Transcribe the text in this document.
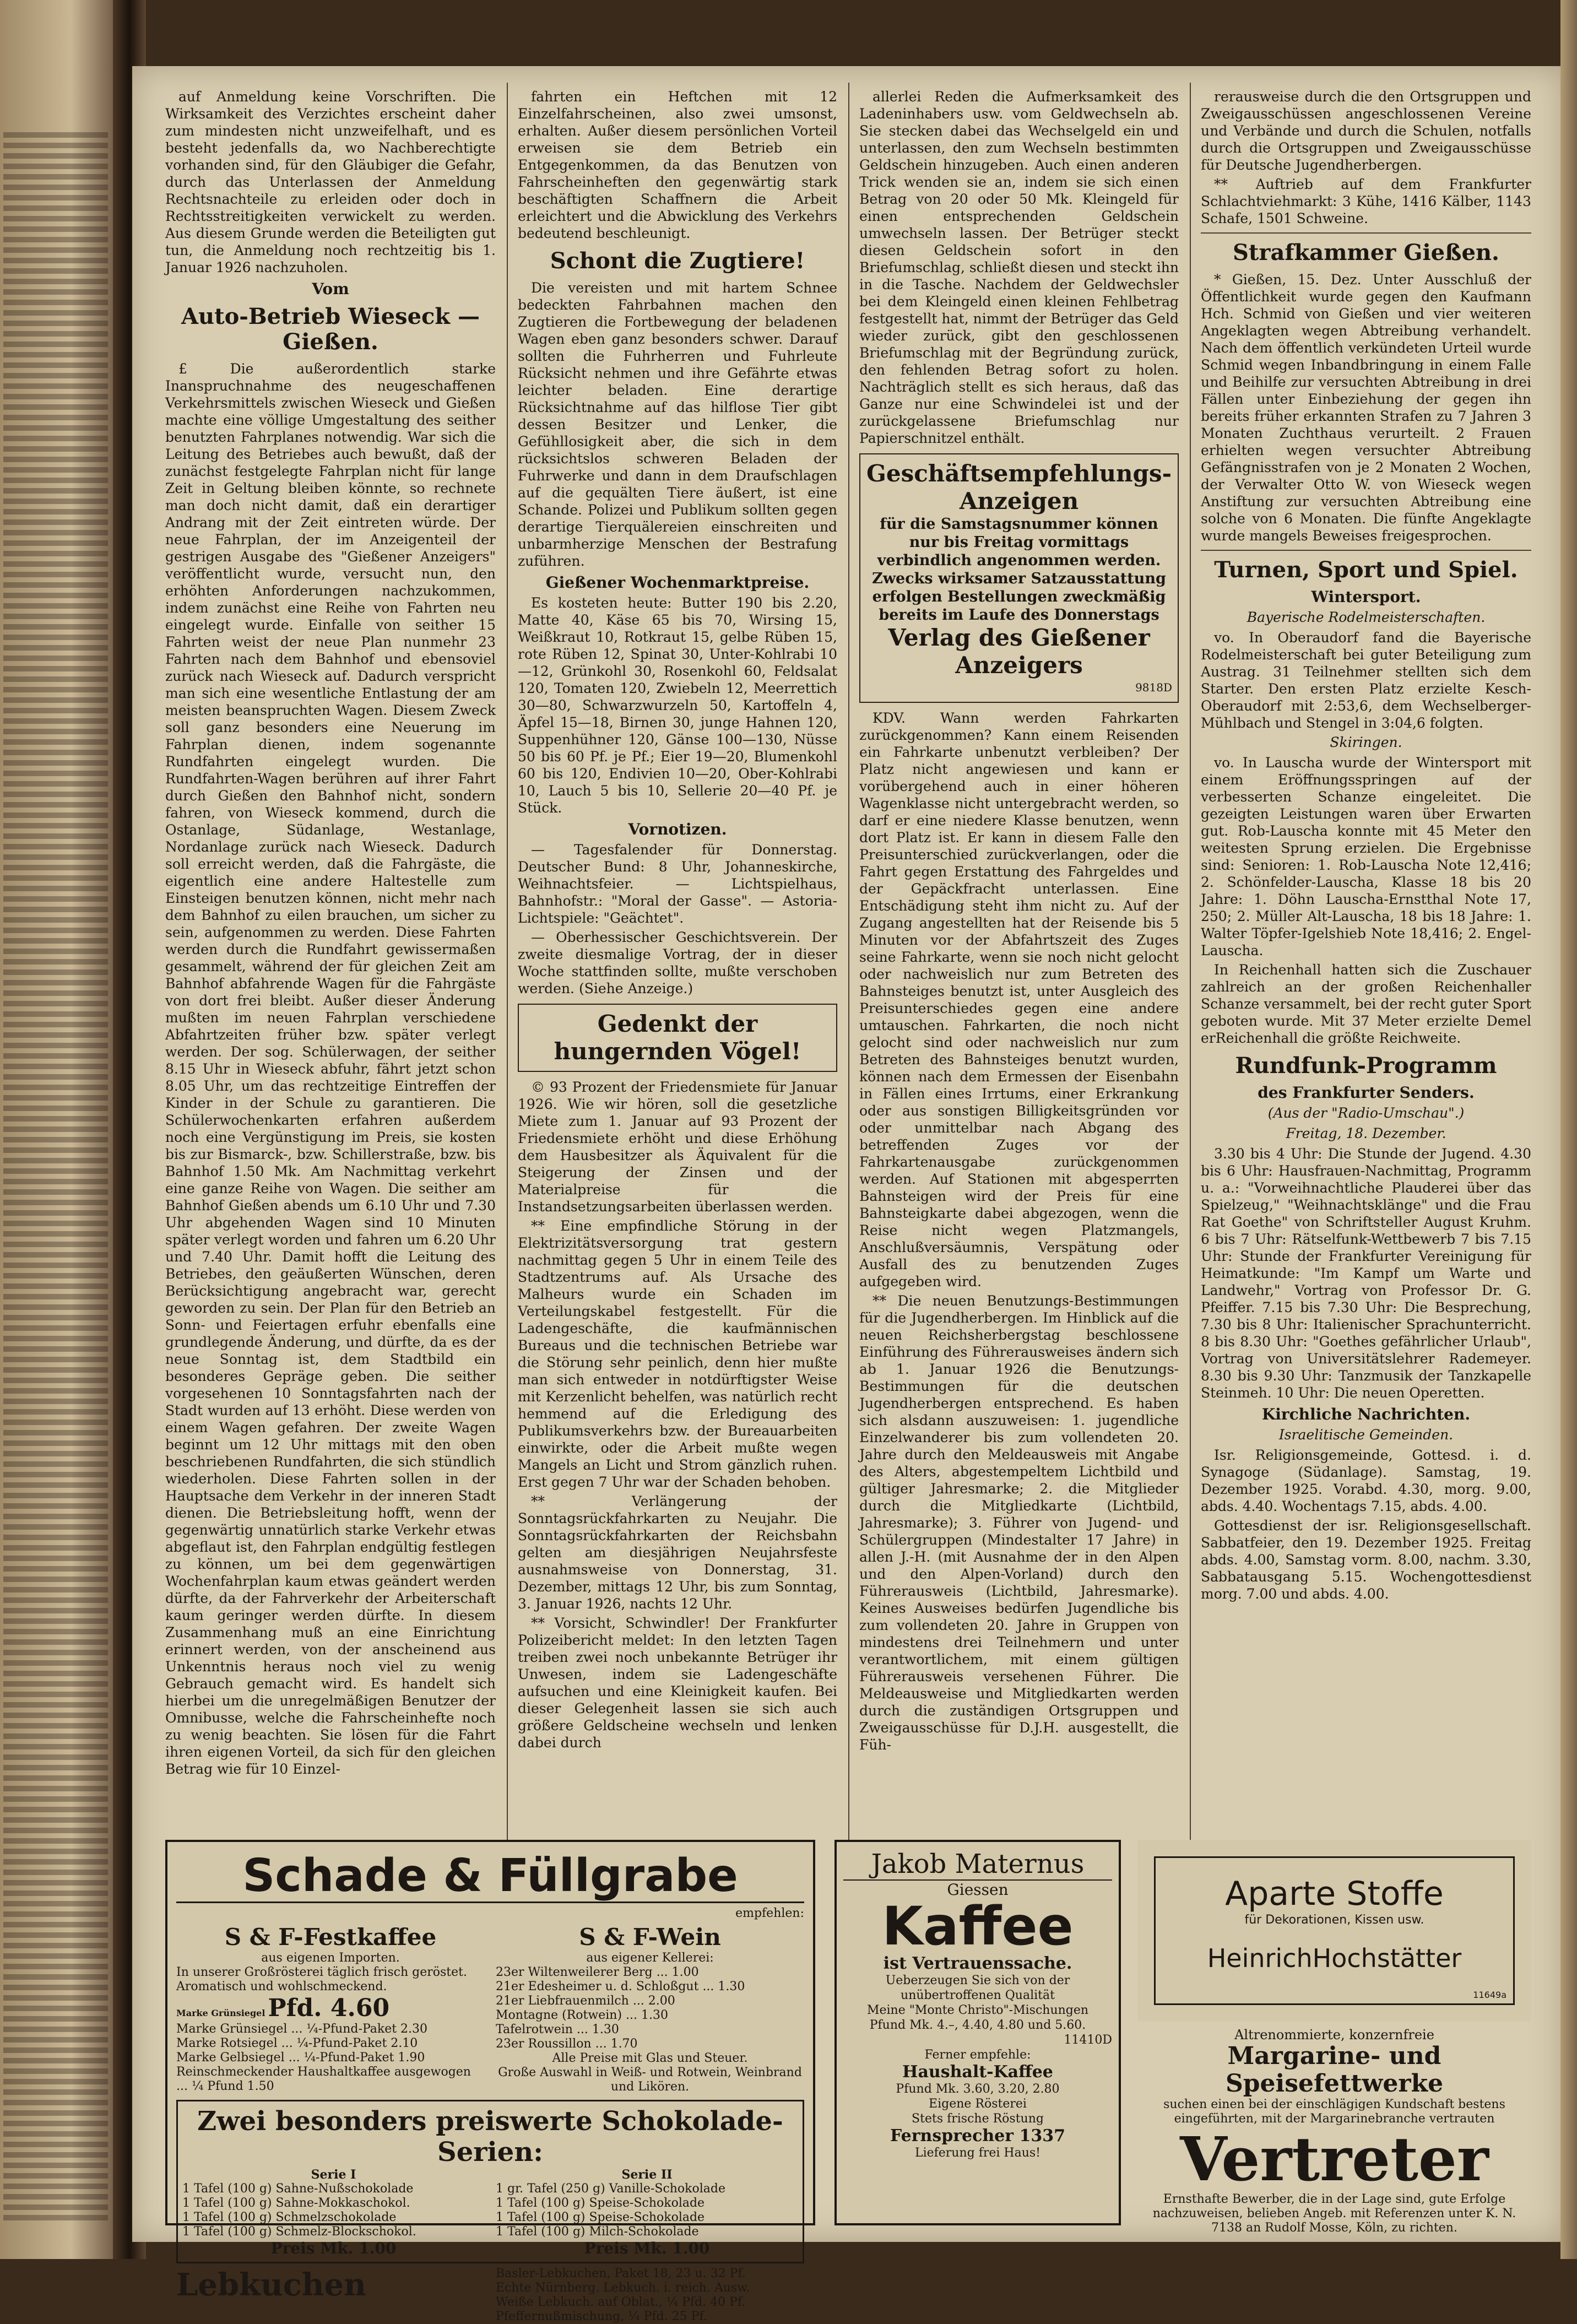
auf Anmeldung keine Vorschriften. Die Wirksamkeit des Verzichtes erscheint daher zum mindesten nicht unzweifelhaft, und es besteht jedenfalls da, wo Nachberechtigte vorhanden sind, für den Gläubiger die Gefahr, durch das Unterlassen der Anmeldung Rechtsnachteile zu erleiden oder doch in Rechtsstreitigkeiten verwickelt zu werden. Aus diesem Grunde werden die Beteiligten gut tun, die Anmeldung noch rechtzeitig bis 1. Januar 1926 nachzuholen.

Vom
Auto-Betrieb Wieseck — Gießen.

£ Die außerordentlich starke Inanspruchnahme des neugeschaffenen Verkehrsmittels zwischen Wieseck und Gießen machte eine völlige Umgestaltung des seither benutzten Fahrplanes notwendig. War sich die Leitung des Betriebes auch bewußt, daß der zunächst festgelegte Fahrplan nicht für lange Zeit in Geltung bleiben könnte, so rechnete man doch nicht damit, daß ein derartiger Andrang mit der Zeit eintreten würde. Der neue Fahrplan, der im Anzeigenteil der gestrigen Ausgabe des "Gießener Anzeigers" veröffentlicht wurde, versucht nun, den erhöhten Anforderungen nachzukommen, indem zunächst eine Reihe von Fahrten neu eingelegt wurde. Einfalle von seither 15 Fahrten weist der neue Plan nunmehr 23 Fahrten nach dem Bahnhof und ebensoviel zurück nach Wieseck auf. Dadurch verspricht man sich eine wesentliche Entlastung der am meisten beanspruchten Wagen. Diesem Zweck soll ganz besonders eine Neuerung im Fahrplan dienen, indem sogenannte Rundfahrten eingelegt wurden. Die Rundfahrten-Wagen berühren auf ihrer Fahrt durch Gießen den Bahnhof nicht, sondern fahren, von Wieseck kommend, durch die Ostanlage, Südanlage, Westanlage, Nordanlage zurück nach Wieseck. Dadurch soll erreicht werden, daß die Fahrgäste, die eigentlich eine andere Haltestelle zum Einsteigen benutzen können, nicht mehr nach dem Bahnhof zu eilen brauchen, um sicher zu sein, aufgenommen zu werden. Diese Fahrten werden durch die Rundfahrt gewissermaßen gesammelt, während der für gleichen Zeit am Bahnhof abfahrende Wagen für die Fahrgäste von dort frei bleibt. Außer dieser Änderung mußten im neuen Fahrplan verschiedene Abfahrtzeiten früher bzw. später verlegt werden. Der sog. Schülerwagen, der seither 8.15 Uhr in Wieseck abfuhr, fährt jetzt schon 8.05 Uhr, um das rechtzeitige Eintreffen der Kinder in der Schule zu garantieren. Die Schülerwochenkarten erfahren außerdem noch eine Vergünstigung im Preis, sie kosten bis zur Bismarck-, bzw. Schillerstraße, bzw. bis Bahnhof 1.50 Mk. Am Nachmittag verkehrt eine ganze Reihe von Wagen. Die seither am Bahnhof Gießen abends um 6.10 Uhr und 7.30 Uhr abgehenden Wagen sind 10 Minuten später verlegt worden und fahren um 6.20 Uhr und 7.40 Uhr. Damit hofft die Leitung des Betriebes, den geäußerten Wünschen, deren Berücksichtigung angebracht war, gerecht geworden zu sein. Der Plan für den Betrieb an Sonn- und Feiertagen erfuhr ebenfalls eine grundlegende Änderung, und dürfte, da es der neue Sonntag ist, dem Stadtbild ein besonderes Gepräge geben. Die seither vorgesehenen 10 Sonntagsfahrten nach der Stadt wurden auf 13 erhöht. Diese werden von einem Wagen gefahren. Der zweite Wagen beginnt um 12 Uhr mittags mit den oben beschriebenen Rundfahrten, die sich stündlich wiederholen. Diese Fahrten sollen in der Hauptsache dem Verkehr in der inneren Stadt dienen. Die Betriebsleitung hofft, wenn der gegenwärtig unnatürlich starke Verkehr etwas abgeflaut ist, den Fahrplan endgültig festlegen zu können, um bei dem gegenwärtigen Wochenfahrplan kaum etwas geändert werden dürfte, da der Fahrverkehr der Arbeiterschaft kaum geringer werden dürfte. In diesem Zusammenhang muß an eine Einrichtung erinnert werden, von der anscheinend aus Unkenntnis heraus noch viel zu wenig Gebrauch gemacht wird. Es handelt sich hierbei um die unregelmäßigen Benutzer der Omnibusse, welche die Fahrscheinhefte noch zu wenig beachten. Sie lösen für die Fahrt ihren eigenen Vorteil, da sich für den gleichen Betrag wie für 10 Einzel-

fahrten ein Heftchen mit 12 Einzelfahrscheinen, also zwei umsonst, erhalten. Außer diesem persönlichen Vorteil erweisen sie dem Betrieb ein Entgegenkommen, da das Benutzen von Fahrscheinheften den gegenwärtig stark beschäftigten Schaffnern die Arbeit erleichtert und die Abwicklung des Verkehrs bedeutend beschleunigt.

Schont die Zugtiere!

Die vereisten und mit hartem Schnee bedeckten Fahrbahnen machen den Zugtieren die Fortbewegung der beladenen Wagen eben ganz besonders schwer. Darauf sollten die Fuhrherren und Fuhrleute Rücksicht nehmen und ihre Gefährte etwas leichter beladen. Eine derartige Rücksichtnahme auf das hilflose Tier gibt dessen Besitzer und Lenker, die Gefühllosigkeit aber, die sich in dem rücksichtslos schweren Beladen der Fuhrwerke und dann in dem Draufschlagen auf die gequälten Tiere äußert, ist eine Schande. Polizei und Publikum sollten gegen derartige Tierquälereien einschreiten und unbarmherzige Menschen der Bestrafung zuführen.

Gießener Wochenmarktpreise.

Es kosteten heute: Butter 190 bis 2.20, Matte 40, Käse 65 bis 70, Wirsing 15, Weißkraut 10, Rotkraut 15, gelbe Rüben 15, rote Rüben 12, Spinat 30, Unter-Kohlrabi 10—12, Grünkohl 30, Rosenkohl 60, Feldsalat 120, Tomaten 120, Zwiebeln 12, Meerrettich 30—80, Schwarzwurzeln 50, Kartoffeln 4, Äpfel 15—18, Birnen 30, junge Hahnen 120, Suppenhühner 120, Gänse 100—130, Nüsse 50 bis 60 Pf. je Pf.; Eier 19—20, Blumenkohl 60 bis 120, Endivien 10—20, Ober-Kohlrabi 10, Lauch 5 bis 10, Sellerie 20—40 Pf. je Stück.

Vornotizen.

— Tagesfalender für Donnerstag. Deutscher Bund: 8 Uhr, Johanneskirche, Weihnachtsfeier. — Lichtspielhaus, Bahnhofstr.: "Moral der Gasse". — Astoria-Lichtspiele: "Geächtet".

— Oberhessischer Geschichtsverein. Der zweite diesmalige Vortrag, der in dieser Woche stattfinden sollte, mußte verschoben werden. (Siehe Anzeige.)

Gedenkt der hungernden Vögel!

© 93 Prozent der Friedensmiete für Januar 1926. Wie wir hören, soll die gesetzliche Miete zum 1. Januar auf 93 Prozent der Friedensmiete erhöht und diese Erhöhung dem Hausbesitzer als Äquivalent für die Steigerung der Zinsen und der Materialpreise für die Instandsetzungsarbeiten überlassen werden.

** Eine empfindliche Störung in der Elektrizitätsversorgung trat gestern nachmittag gegen 5 Uhr in einem Teile des Stadtzentrums auf. Als Ursache des Malheurs wurde ein Schaden im Verteilungskabel festgestellt. Für die Ladengeschäfte, die kaufmännischen Bureaus und die technischen Betriebe war die Störung sehr peinlich, denn hier mußte man sich entweder in notdürftigster Weise mit Kerzenlicht behelfen, was natürlich recht hemmend auf die Erledigung des Publikumsverkehrs bzw. der Bureauarbeiten einwirkte, oder die Arbeit mußte wegen Mangels an Licht und Strom gänzlich ruhen. Erst gegen 7 Uhr war der Schaden behoben.

** Verlängerung der Sonntagsrückfahrkarten zu Neujahr. Die Sonntagsrückfahrkarten der Reichsbahn gelten am diesjährigen Neujahrsfeste ausnahmsweise von Donnerstag, 31. Dezember, mittags 12 Uhr, bis zum Sonntag, 3. Januar 1926, nachts 12 Uhr.

** Vorsicht, Schwindler! Der Frankfurter Polizeibericht meldet: In den letzten Tagen treiben zwei noch unbekannte Betrüger ihr Unwesen, indem sie Ladengeschäfte aufsuchen und eine Kleinigkeit kaufen. Bei dieser Gelegenheit lassen sie sich auch größere Geldscheine wechseln und lenken dabei durch

allerlei Reden die Aufmerksamkeit des Ladeninhabers usw. vom Geldwechseln ab. Sie stecken dabei das Wechselgeld ein und unterlassen, den zum Wechseln bestimmten Geldschein hinzugeben. Auch einen anderen Trick wenden sie an, indem sie sich einen Betrag von 20 oder 50 Mk. Kleingeld für einen entsprechenden Geldschein umwechseln lassen. Der Betrüger steckt diesen Geldschein sofort in den Briefumschlag, schließt diesen und steckt ihn in die Tasche. Nachdem der Geldwechsler bei dem Kleingeld einen kleinen Fehlbetrag festgestellt hat, nimmt der Betrüger das Geld wieder zurück, gibt den geschlossenen Briefumschlag mit der Begründung zurück, den fehlenden Betrag sofort zu holen. Nachträglich stellt es sich heraus, daß das Ganze nur eine Schwindelei ist und der zurückgelassene Briefumschlag nur Papierschnitzel enthält.

Geschäftsempfehlungs-Anzeigen
für die Samstagsnummer können nur bis Freitag vormittags verbindlich angenommen werden. Zwecks wirksamer Satzausstattung erfolgen Bestellungen zweckmäßig bereits im Laufe des Donnerstags
Verlag des Gießener Anzeigers
9818D

KDV. Wann werden Fahrkarten zurückgenommen? Kann einem Reisenden ein Fahrkarte unbenutzt verbleiben? Der Platz nicht angewiesen und kann er vorübergehend auch in einer höheren Wagenklasse nicht untergebracht werden, so darf er eine niedere Klasse benutzen, wenn dort Platz ist. Er kann in diesem Falle den Preisunterschied zurückverlangen, oder die Fahrt gegen Erstattung des Fahrgeldes und der Gepäckfracht unterlassen. Eine Entschädigung steht ihm nicht zu. Auf der Zugang angestellten hat der Reisende bis 5 Minuten vor der Abfahrtszeit des Zuges seine Fahrkarte, wenn sie noch nicht gelocht oder nachweislich nur zum Betreten des Bahnsteiges benutzt ist, unter Ausgleich des Preisunterschiedes gegen eine andere umtauschen. Fahrkarten, die noch nicht gelocht sind oder nachweislich nur zum Betreten des Bahnsteiges benutzt wurden, können nach dem Ermessen der Eisenbahn in Fällen eines Irrtums, einer Erkrankung oder aus sonstigen Billigkeitsgründen vor oder unmittelbar nach Abgang des betreffenden Zuges vor der Fahrkartenausgabe zurückgenommen werden. Auf Stationen mit abgesperrten Bahnsteigen wird der Preis für eine Bahnsteigkarte dabei abgezogen, wenn die Reise nicht wegen Platzmangels, Anschlußversäumnis, Verspätung oder Ausfall des zu benutzenden Zuges aufgegeben wird.

** Die neuen Benutzungs-Bestimmungen für die Jugendherbergen. Im Hinblick auf die neuen Reichsherbergstag beschlossene Einführung des Führerausweises ändern sich ab 1. Januar 1926 die Benutzungs-Bestimmungen für die deutschen Jugendherbergen entsprechend. Es haben sich alsdann auszuweisen: 1. jugendliche Einzelwanderer bis zum vollendeten 20. Jahre durch den Meldeausweis mit Angabe des Alters, abgestempeltem Lichtbild und gültiger Jahresmarke; 2. die Mitglieder durch die Mitgliedkarte (Lichtbild, Jahresmarke); 3. Führer von Jugend- und Schülergruppen (Mindestalter 17 Jahre) in allen J.-H. (mit Ausnahme der in den Alpen und den Alpen-Vorland) durch den Führerausweis (Lichtbild, Jahresmarke). Keines Ausweises bedürfen Jugendliche bis zum vollendeten 20. Jahre in Gruppen von mindestens drei Teilnehmern und unter verantwortlichem, mit einem gültigen Führerausweis versehenen Führer. Die Meldeausweise und Mitgliedkarten werden durch die zuständigen Ortsgruppen und Zweigausschüsse für D.J.H. ausgestellt, die Füh-

rerausweise durch die den Ortsgruppen und Zweigausschüssen angeschlossenen Vereine und Verbände und durch die Schulen, notfalls durch die Ortsgruppen und Zweigausschüsse für Deutsche Jugendherbergen.

** Auftrieb auf dem Frankfurter Schlachtviehmarkt: 3 Kühe, 1416 Kälber, 1143 Schafe, 1501 Schweine.

Strafkammer Gießen.

* Gießen, 15. Dez. Unter Ausschluß der Öffentlichkeit wurde gegen den Kaufmann Hch. Schmid von Gießen und vier weiteren Angeklagten wegen Abtreibung verhandelt. Nach dem öffentlich verkündeten Urteil wurde Schmid wegen Inbandbringung in einem Falle und Beihilfe zur versuchten Abtreibung in drei Fällen unter Einbeziehung der gegen ihn bereits früher erkannten Strafen zu 7 Jahren 3 Monaten Zuchthaus verurteilt. 2 Frauen erhielten wegen versuchter Abtreibung Gefängnisstrafen von je 2 Monaten 2 Wochen, der Verwalter Otto W. von Wieseck wegen Anstiftung zur versuchten Abtreibung eine solche von 6 Monaten. Die fünfte Angeklagte wurde mangels Beweises freigesprochen.

Turnen, Sport und Spiel.
Wintersport.
Bayerische Rodelmeisterschaften.

vo. In Oberaudorf fand die Bayerische Rodelmeisterschaft bei guter Beteiligung zum Austrag. 31 Teilnehmer stellten sich dem Starter. Den ersten Platz erzielte Kesch-Oberaudorf mit 2:53,6, dem Wechselberger-Mühlbach und Stengel in 3:04,6 folgten.

Skiringen.

vo. In Lauscha wurde der Wintersport mit einem Eröffnungsspringen auf der verbesserten Schanze eingeleitet. Die gezeigten Leistungen waren über Erwarten gut. Rob-Lauscha konnte mit 45 Meter den weitesten Sprung erzielen. Die Ergebnisse sind: Senioren: 1. Rob-Lauscha Note 12,416; 2. Schönfelder-Lauscha, Klasse 18 bis 20 Jahre: 1. Döhn Lauscha-Ernstthal Note 17, 250; 2. Müller Alt-Lauscha, 18 bis 18 Jahre: 1. Walter Töpfer-Igelshieb Note 18,416; 2. Engel-Lauscha.

In Reichenhall hatten sich die Zuschauer zahlreich an der großen Reichenhaller Schanze versammelt, bei der recht guter Sport geboten wurde. Mit 37 Meter erzielte Demel erReichenhall die größte Reichweite.

Rundfunk-Programm
des Frankfurter Senders.
(Aus der "Radio-Umschau".)
Freitag, 18. Dezember.

3.30 bis 4 Uhr: Die Stunde der Jugend. 4.30 bis 6 Uhr: Hausfrauen-Nachmittag, Programm u. a.: "Vorweihnachtliche Plauderei über das Spielzeug," "Weihnachtsklänge" und die Frau Rat Goethe" von Schriftsteller August Kruhm. 6 bis 7 Uhr: Rätselfunk-Wettbewerb 7 bis 7.15 Uhr: Stunde der Frankfurter Vereinigung für Heimatkunde: "Im Kampf um Warte und Landwehr," Vortrag von Professor Dr. G. Pfeiffer. 7.15 bis 7.30 Uhr: Die Besprechung, 7.30 bis 8 Uhr: Italienischer Sprachunterricht. 8 bis 8.30 Uhr: "Goethes gefährlicher Urlaub", Vortrag von Universitätslehrer Rademeyer. 8.30 bis 9.30 Uhr: Tanzmusik der Tanzkapelle Steinmeh. 10 Uhr: Die neuen Operetten.

Kirchliche Nachrichten.
Israelitische Gemeinden.

Isr. Religionsgemeinde, Gottesd. i. d. Synagoge (Südanlage). Samstag, 19. Dezember 1925. Vorabd. 4.30, morg. 9.00, abds. 4.40. Wochentags 7.15, abds. 4.00.

Gottesdienst der isr. Religionsgesellschaft. Sabbatfeier, den 19. Dezember 1925. Freitag abds. 4.00, Samstag vorm. 8.00, nachm. 3.30, Sabbatausgang 5.15. Wochengottesdienst morg. 7.00 und abds. 4.00.

Schade & Füllgrabe
empfehlen:
S & F-Festkaffee
aus eigenen Importen.
In unserer Großrösterei täglich frisch geröstet. Aromatisch und wohlschmeckend.
Marke Grünsiegel Pfd. 4.60
Marke Grünsiegel ... ¼-Pfund-Paket 2.30
Marke Rotsiegel ... ¼-Pfund-Paket 2.10
Marke Gelbsiegel ... ¼-Pfund-Paket 1.90
Reinschmeckender Haushaltkaffee ausgewogen ... ¼ Pfund 1.50
S & F-Wein
aus eigener Kellerei:
23er Wiltenweilerer Berg ... 1.00
21er Edesheimer u. d. Schloßgut ... 1.30
21er Liebfrauenmilch ... 2.00
Montagne (Rotwein) ... 1.30
Tafelrotwein ... 1.30
23er Roussillon ... 1.70
Alle Preise mit Glas und Steuer.
Große Auswahl in Weiß- und Rotwein, Weinbrand und Likören.
Zwei besonders preiswerte Schokolade-Serien:
Serie I
1 Tafel (100 g) Sahne-Nußschokolade
1 Tafel (100 g) Sahne-Mokkaschokol.
1 Tafel (100 g) Schmelzschokolade
1 Tafel (100 g) Schmelz-Blockschokol.
Preis Mk. 1.00
Serie II
1 gr. Tafel (250 g) Vanille-Schokolade
1 Tafel (100 g) Speise-Schokolade
1 Tafel (100 g) Speise-Schokolade
1 Tafel (100 g) Milch-Schokolade
Preis Mk. 1.00
Lebkuchen	Basler-Lebkuchen, Paket 18, 23 u. 32 Pf.
Echte Nürnberg. Lebkuch. i. reich. Ausw.
Weiße Lebkuch. auf Oblat., ¼ Pfd. 40 Pf.
Pfeffernußmischung, ¼ Pfd. 25 Pf.
Jakob Maternus
Giessen
Kaffee
ist Vertrauenssache.
Ueberzeugen Sie sich von der unübertroffenen Qualität
Meine "Monte Christo"-Mischungen
Pfund Mk. 4.–, 4.40, 4.80 und 5.60.
11410D
Ferner empfehle:
Haushalt-Kaffee
Pfund Mk. 3.60, 3.20, 2.80
Eigene Rösterei
Stets frische Röstung
Fernsprecher 1337
Lieferung frei Haus!
Aparte Stoffe
für Dekorationen, Kissen usw.
HeinrichHochstätter
11649a
Altrenommierte, konzernfreie
Margarine- und Speisefettwerke
suchen einen bei der einschlägigen Kundschaft bestens eingeführten, mit der Margarinebranche vertrauten
Vertreter
Ernsthafte Bewerber, die in der Lage sind, gute Erfolge nachzuweisen, belieben Angeb. mit Referenzen unter K. N. 7138 an Rudolf Mosse, Köln, zu richten.
